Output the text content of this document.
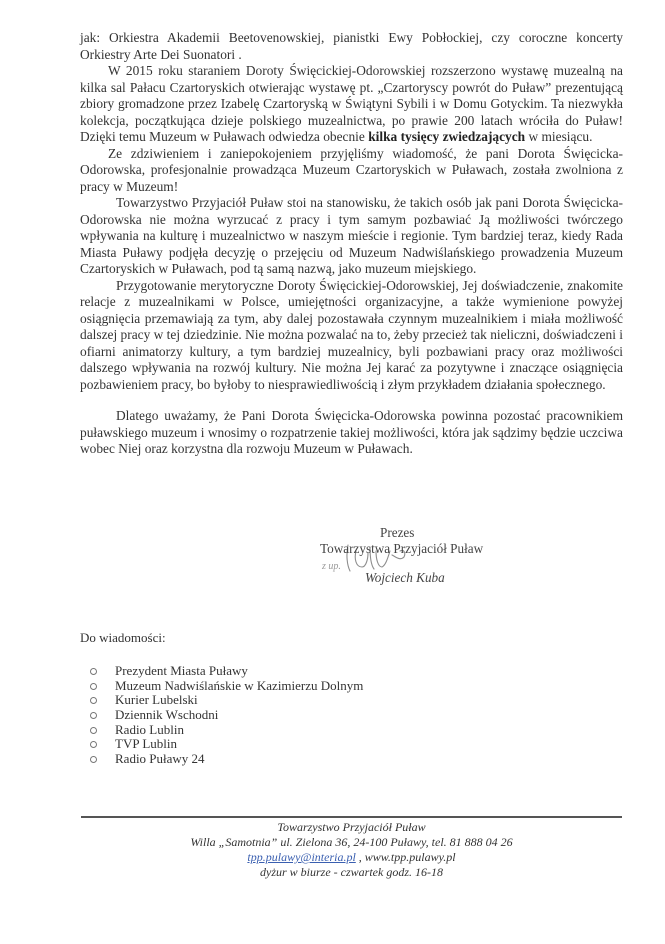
jak: Orkiestra Akademii Beetovenowskiej, pianistki Ewy Pobłockiej, czy coroczne koncerty Orkiestry Arte Dei Suonatori .

W 2015 roku staraniem Doroty Święcickiej-Odorowskiej rozszerzono wystawę muzealną na kilka sal Pałacu Czartoryskich otwierając wystawę pt. „Czartoryscy powrót do Puław” prezentującą zbiory gromadzone przez Izabelę Czartoryską w Świątyni Sybili i w Domu Gotyckim. Ta niezwykła kolekcja, początkująca dzieje polskiego muzealnictwa, po prawie 200 latach wróciła do Puław! Dzięki temu Muzeum w Puławach odwiedza obecnie kilka tysięcy zwiedzających w miesiącu.

Ze zdziwieniem i zaniepokojeniem przyjęliśmy wiadomość, że pani Dorota Święcicka-Odorowska, profesjonalnie prowadząca Muzeum Czartoryskich w Puławach, została zwolniona z pracy w Muzeum!

Towarzystwo Przyjaciół Puław stoi na stanowisku, że takich osób jak pani Dorota Święcicka-Odorowska nie można wyrzucać z pracy i tym samym pozbawiać Ją możliwości twórczego wpływania na kulturę i muzealnictwo w naszym mieście i regionie. Tym bardziej teraz, kiedy Rada Miasta Puławy podjęła decyzję o przejęciu od Muzeum Nadwiślańskiego prowadzenia Muzeum Czartoryskich w Puławach, pod tą samą nazwą, jako muzeum miejskiego.

Przygotowanie merytoryczne Doroty Święcickiej-Odorowskiej, Jej doświadczenie, znakomite relacje z muzealnikami w Polsce, umiejętności organizacyjne, a także wymienione powyżej osiągnięcia przemawiają za tym, aby dalej pozostawała czynnym muzealnikiem i miała możliwość dalszej pracy w tej dziedzinie. Nie można pozwalać na to, żeby przecież tak nieliczni, doświadczeni i ofiarni animatorzy kultury, a tym bardziej muzealnicy, byli pozbawiani pracy oraz możliwości dalszego wpływania na rozwój kultury. Nie można Jej karać za pozytywne i znaczące osiągnięcia pozbawieniem pracy, bo byłoby to niesprawiedliwością i złym przykładem działania społecznego.

Dlatego uważamy, że Pani Dorota Święcicka-Odorowska powinna pozostać pracownikiem puławskiego muzeum i wnosimy o rozpatrzenie takiej możliwości, która jak sądzimy będzie uczciwa wobec Niej oraz korzystna dla rozwoju Muzeum w Puławach.

Prezes
Towarzystwa Przyjaciół Puław
z up.
Wojciech Kuba

Do wiadomości:

Prezydent Miasta Puławy
Muzeum Nadwiślańskie w Kazimierzu Dolnym
Kurier Lubelski
Dziennik Wschodni
Radio Lublin
TVP Lublin
Radio Puławy 24
Towarzystwo Przyjaciół Puław
Willa „Samotnia” ul. Zielona 36, 24-100 Puławy, tel. 81 888 04 26
tpp.pulawy@interia.pl , www.tpp.pulawy.pl
dyżur w biurze - czwartek godz. 16-18
